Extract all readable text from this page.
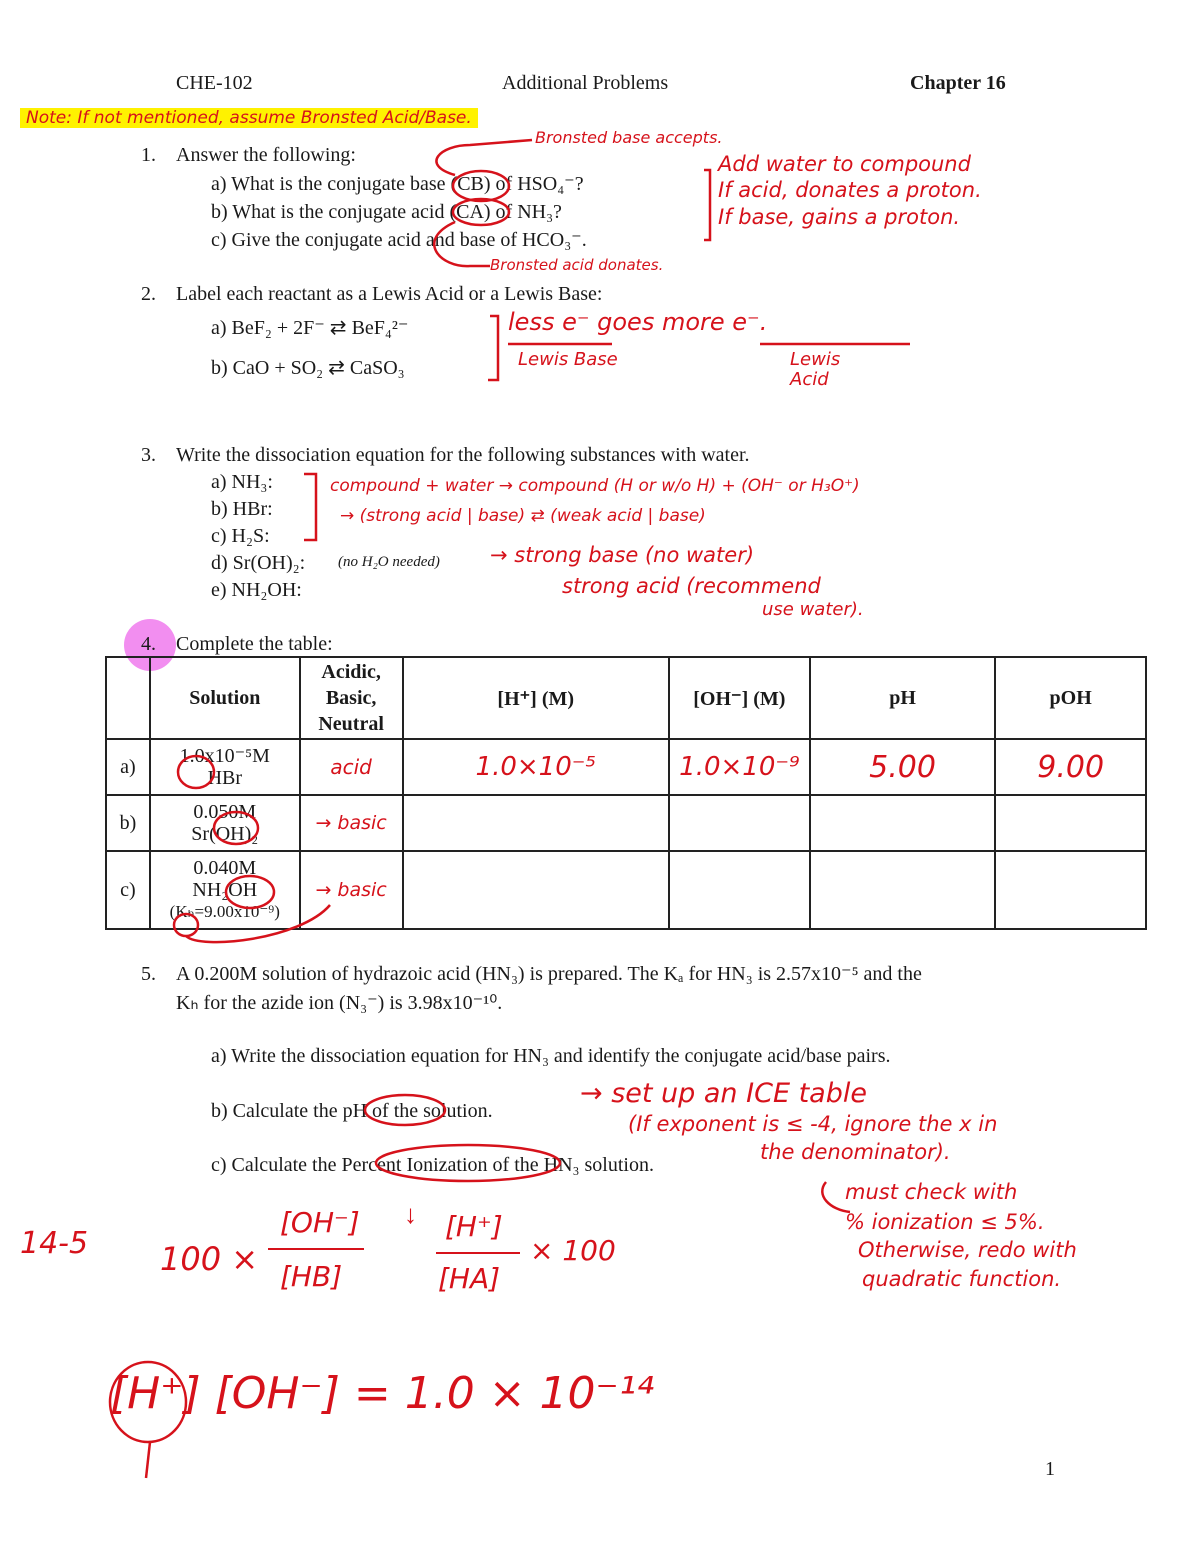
CHE-102	Additional Problems	Chapter 16
Note: If not mentioned, assume Bronsted Acid/Base.
1. Answer the following:
a) What is the conjugate base (CB) of HSO₄⁻?
b) What is the conjugate acid (CA) of NH₃?
c) Give the conjugate acid and base of HCO₃⁻.
Bronsted base accepts.
Bronsted acid donates.
Add water to compound
If acid, donates a proton.
If base, gains a proton.
2. Label each reactant as a Lewis Acid or a Lewis Base:
a) BeF₂ + 2F⁻ ⇄ BeF₄²⁻
b) CaO + SO₂ ⇄ CaSO₃
less e⁻ goes more e⁻.
Lewis Base	Lewis Acid
3. Write the dissociation equation for the following substances with water.
a) NH₃:
b) HBr:
c) H₂S:
d) Sr(OH)₂: (no H₂O needed)
e) NH₂OH:
compound + water → compound (H or w/o H) + (OH⁻ or H₃O⁺)
→ (strong acid | base) ⇄ (weak acid | base)
→ strong base (no water)
strong acid (recommend
use water).
4. Complete the table:
	Solution	Acidic, Basic, Neutral	[H⁺] (M)	[OH⁻] (M)	pH	pOH
a)	1.0x10⁻⁵M
HBr	acid	1.0×10⁻⁵	1.0×10⁻⁹	5.00	9.00
b)	0.050M
Sr(OH)₂	→ basic				
c)	0.040M
NH₂OH
(Kₕ=9.00x10⁻⁹)	→ basic				
5. A 0.200M solution of hydrazoic acid (HN₃) is prepared. The Kₐ for HN₃ is 2.57x10⁻⁵ and the
Kₕ for the azide ion (N₃⁻) is 3.98x10⁻¹⁰.
a) Write the dissociation equation for HN₃ and identify the conjugate acid/base pairs.
b) Calculate the pH of the solution.
c) Calculate the Percent Ionization of the HN₃ solution.
→ set up an ICE table
(If exponent is ≤ -4, ignore the x in
the denominator).
must check with
% ionization ≤ 5%.
Otherwise, redo with
quadratic function.
14-5 100 ×
[OH⁻]
[HB]
[H⁺]
[HA]
× 100
↓
[H⁺] [OH⁻] = 1.0 × 10⁻¹⁴
1
